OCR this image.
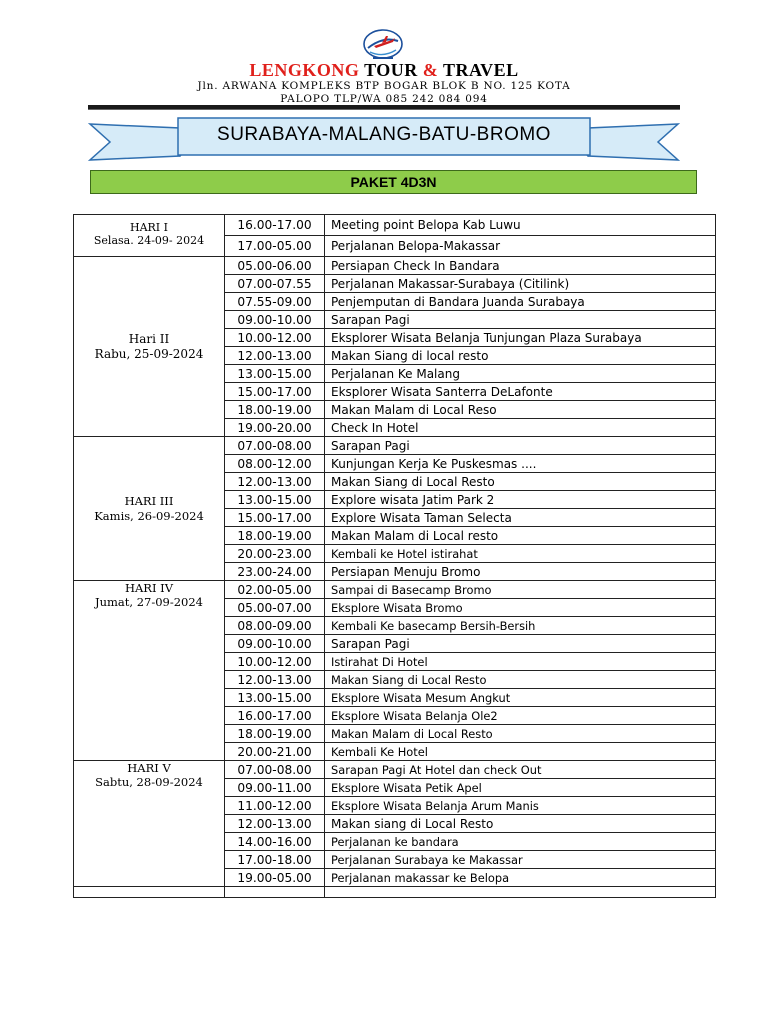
LENGKONG TOUR & TRAVEL
Jln. ARWANA KOMPLEKS BTP BOGAR BLOK B NO. 125 KOTA
PALOPO TLP/WA 085 242 084 094
SURABAYA-MALANG-BATU-BROMO
PAKET 4D3N
HARI I
Selasa. 24-09- 2024	16.00-17.00	Meeting point Belopa Kab Luwu
	17.00-05.00	Perjalanan Belopa-Makassar

Hari II
Rabu, 25-09-2024	05.00-06.00	Persiapan Check In Bandara
	07.00-07.55	Perjalanan Makassar-Surabaya (Citilink)
	07.55-09.00	Penjemputan di Bandara Juanda Surabaya
	09.00-10.00	Sarapan Pagi
	10.00-12.00	Eksplorer Wisata Belanja Tunjungan Plaza Surabaya
	12.00-13.00	Makan Siang di local resto
	13.00-15.00	Perjalanan Ke Malang
	15.00-17.00	Eksplorer Wisata Santerra DeLafonte
	18.00-19.00	Makan Malam di Local Reso
	19.00-20.00	Check In Hotel

HARI III
Kamis, 26-09-2024	07.00-08.00	Sarapan Pagi
	08.00-12.00	Kunjungan Kerja Ke Puskesmas ....
	12.00-13.00	Makan Siang di Local Resto
	13.00-15.00	Explore wisata Jatim Park 2
	15.00-17.00	Explore Wisata Taman Selecta
	18.00-19.00	Makan Malam di Local resto
	20.00-23.00	Kembali ke Hotel istirahat
	23.00-24.00	Persiapan Menuju Bromo

HARI IV
Jumat, 27-09-2024	02.00-05.00	Sampai di Basecamp Bromo
	05.00-07.00	Eksplore Wisata Bromo
	08.00-09.00	Kembali Ke basecamp Bersih-Bersih
	09.00-10.00	Sarapan Pagi
	10.00-12.00	Istirahat Di Hotel
	12.00-13.00	Makan Siang di Local Resto
	13.00-15.00	Eksplore Wisata Mesum Angkut
	16.00-17.00	Eksplore Wisata Belanja Ole2
	18.00-19.00	Makan Malam di Local Resto
	20.00-21.00	Kembali Ke Hotel

HARI V
Sabtu, 28-09-2024	07.00-08.00	Sarapan Pagi At Hotel dan check Out
	09.00-11.00	Eksplore Wisata Petik Apel
	11.00-12.00	Eksplore Wisata Belanja Arum Manis
	12.00-13.00	Makan siang di Local Resto
	14.00-16.00	Perjalanan ke bandara
	17.00-18.00	Perjalanan Surabaya ke Makassar
	19.00-05.00	Perjalanan makassar ke Belopa
